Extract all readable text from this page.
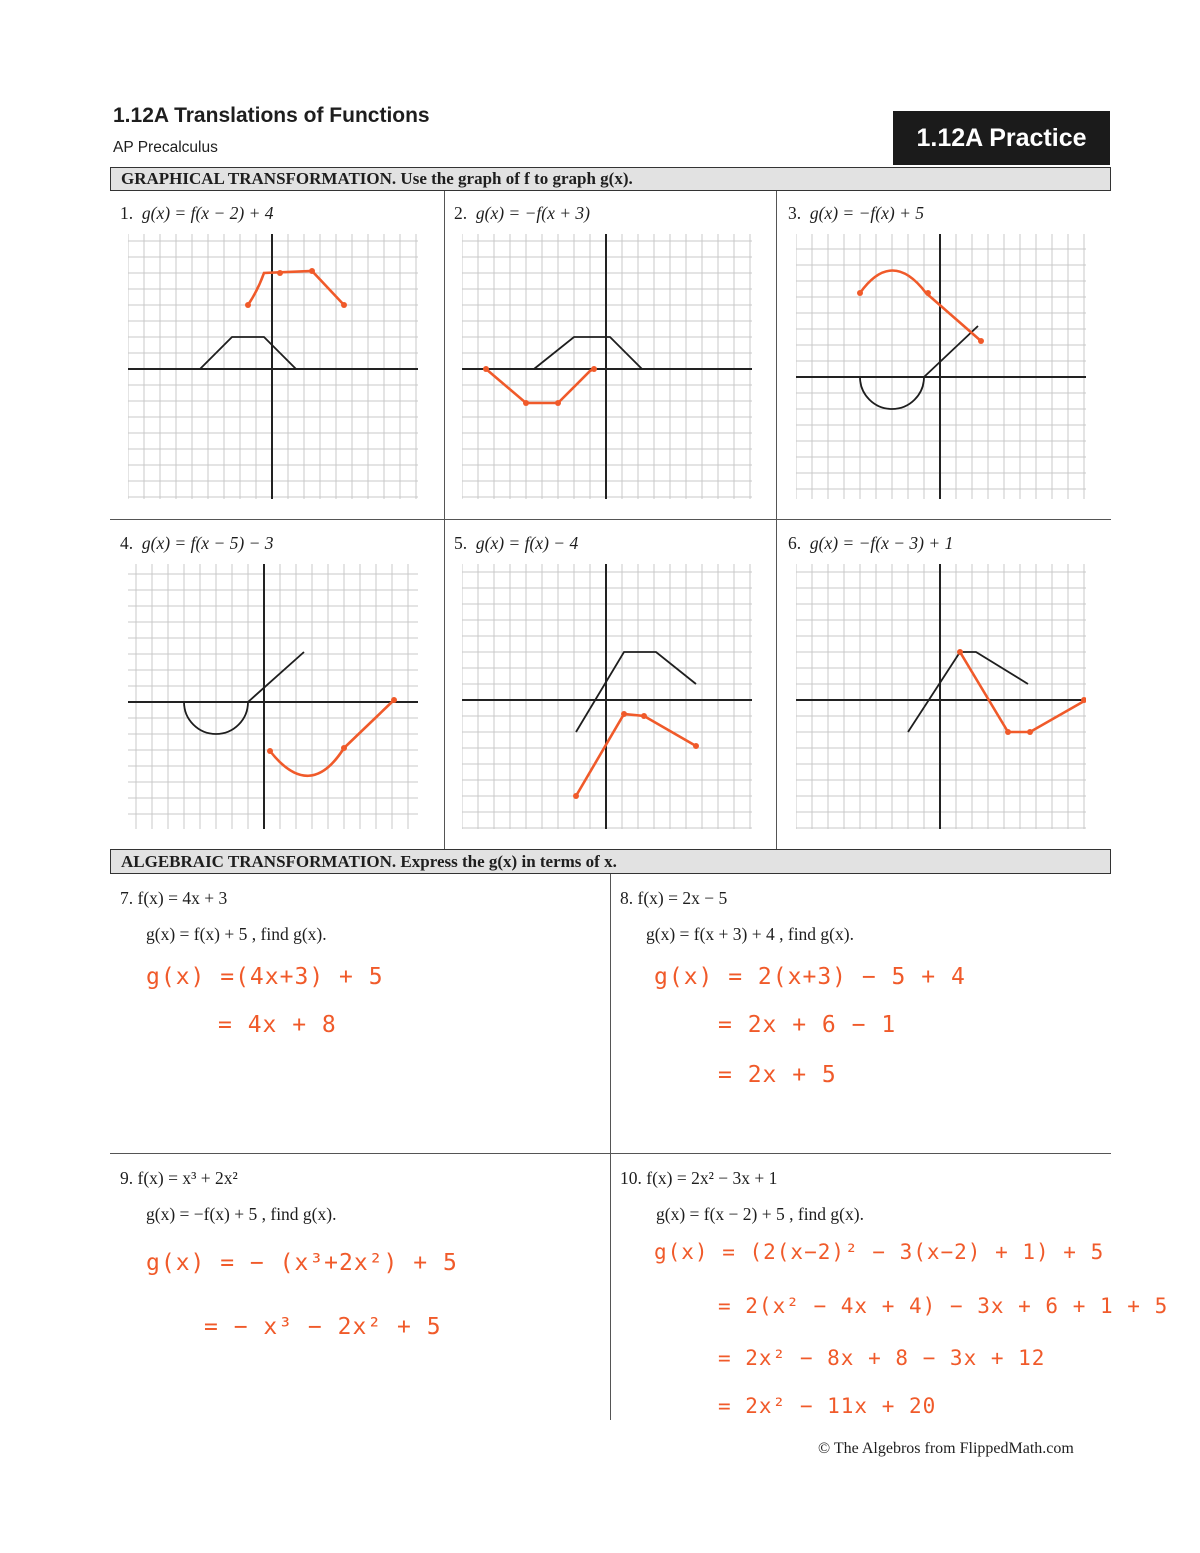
1.12A Translations of Functions
AP Precalculus	1.12A Practice
GRAPHICAL TRANSFORMATION. Use the graph of f to graph g(x).
1. g(x) = f(x − 2) + 4	2. g(x) = −f(x + 3)	3. g(x) = −f(x) + 5
4. g(x) = f(x − 5) − 3	5. g(x) = f(x) − 4	6. g(x) = −f(x − 3) + 1
ALGEBRAIC TRANSFORMATION. Express the g(x) in terms of x.
7. f(x) = 4x + 3
g(x) = f(x) + 5 , find g(x).
g(x) =(4x+3) + 5
= 4x + 8
8. f(x) = 2x − 5
g(x) = f(x + 3) + 4 , find g(x).
g(x) = 2(x+3) − 5 + 4
= 2x + 6 − 1
= 2x + 5
9. f(x) = x³ + 2x²
g(x) = −f(x) + 5 , find g(x).
g(x) = − (x³+2x²) + 5
= − x³ − 2x² + 5
10. f(x) = 2x² − 3x + 1
g(x) = f(x − 2) + 5 , find g(x).
g(x) = (2(x−2)² − 3(x−2) + 1) + 5
= 2(x² − 4x + 4) − 3x + 6 + 1 + 5
= 2x² − 8x + 8 − 3x + 12
= 2x² − 11x + 20
© The Algebros from FlippedMath.com
